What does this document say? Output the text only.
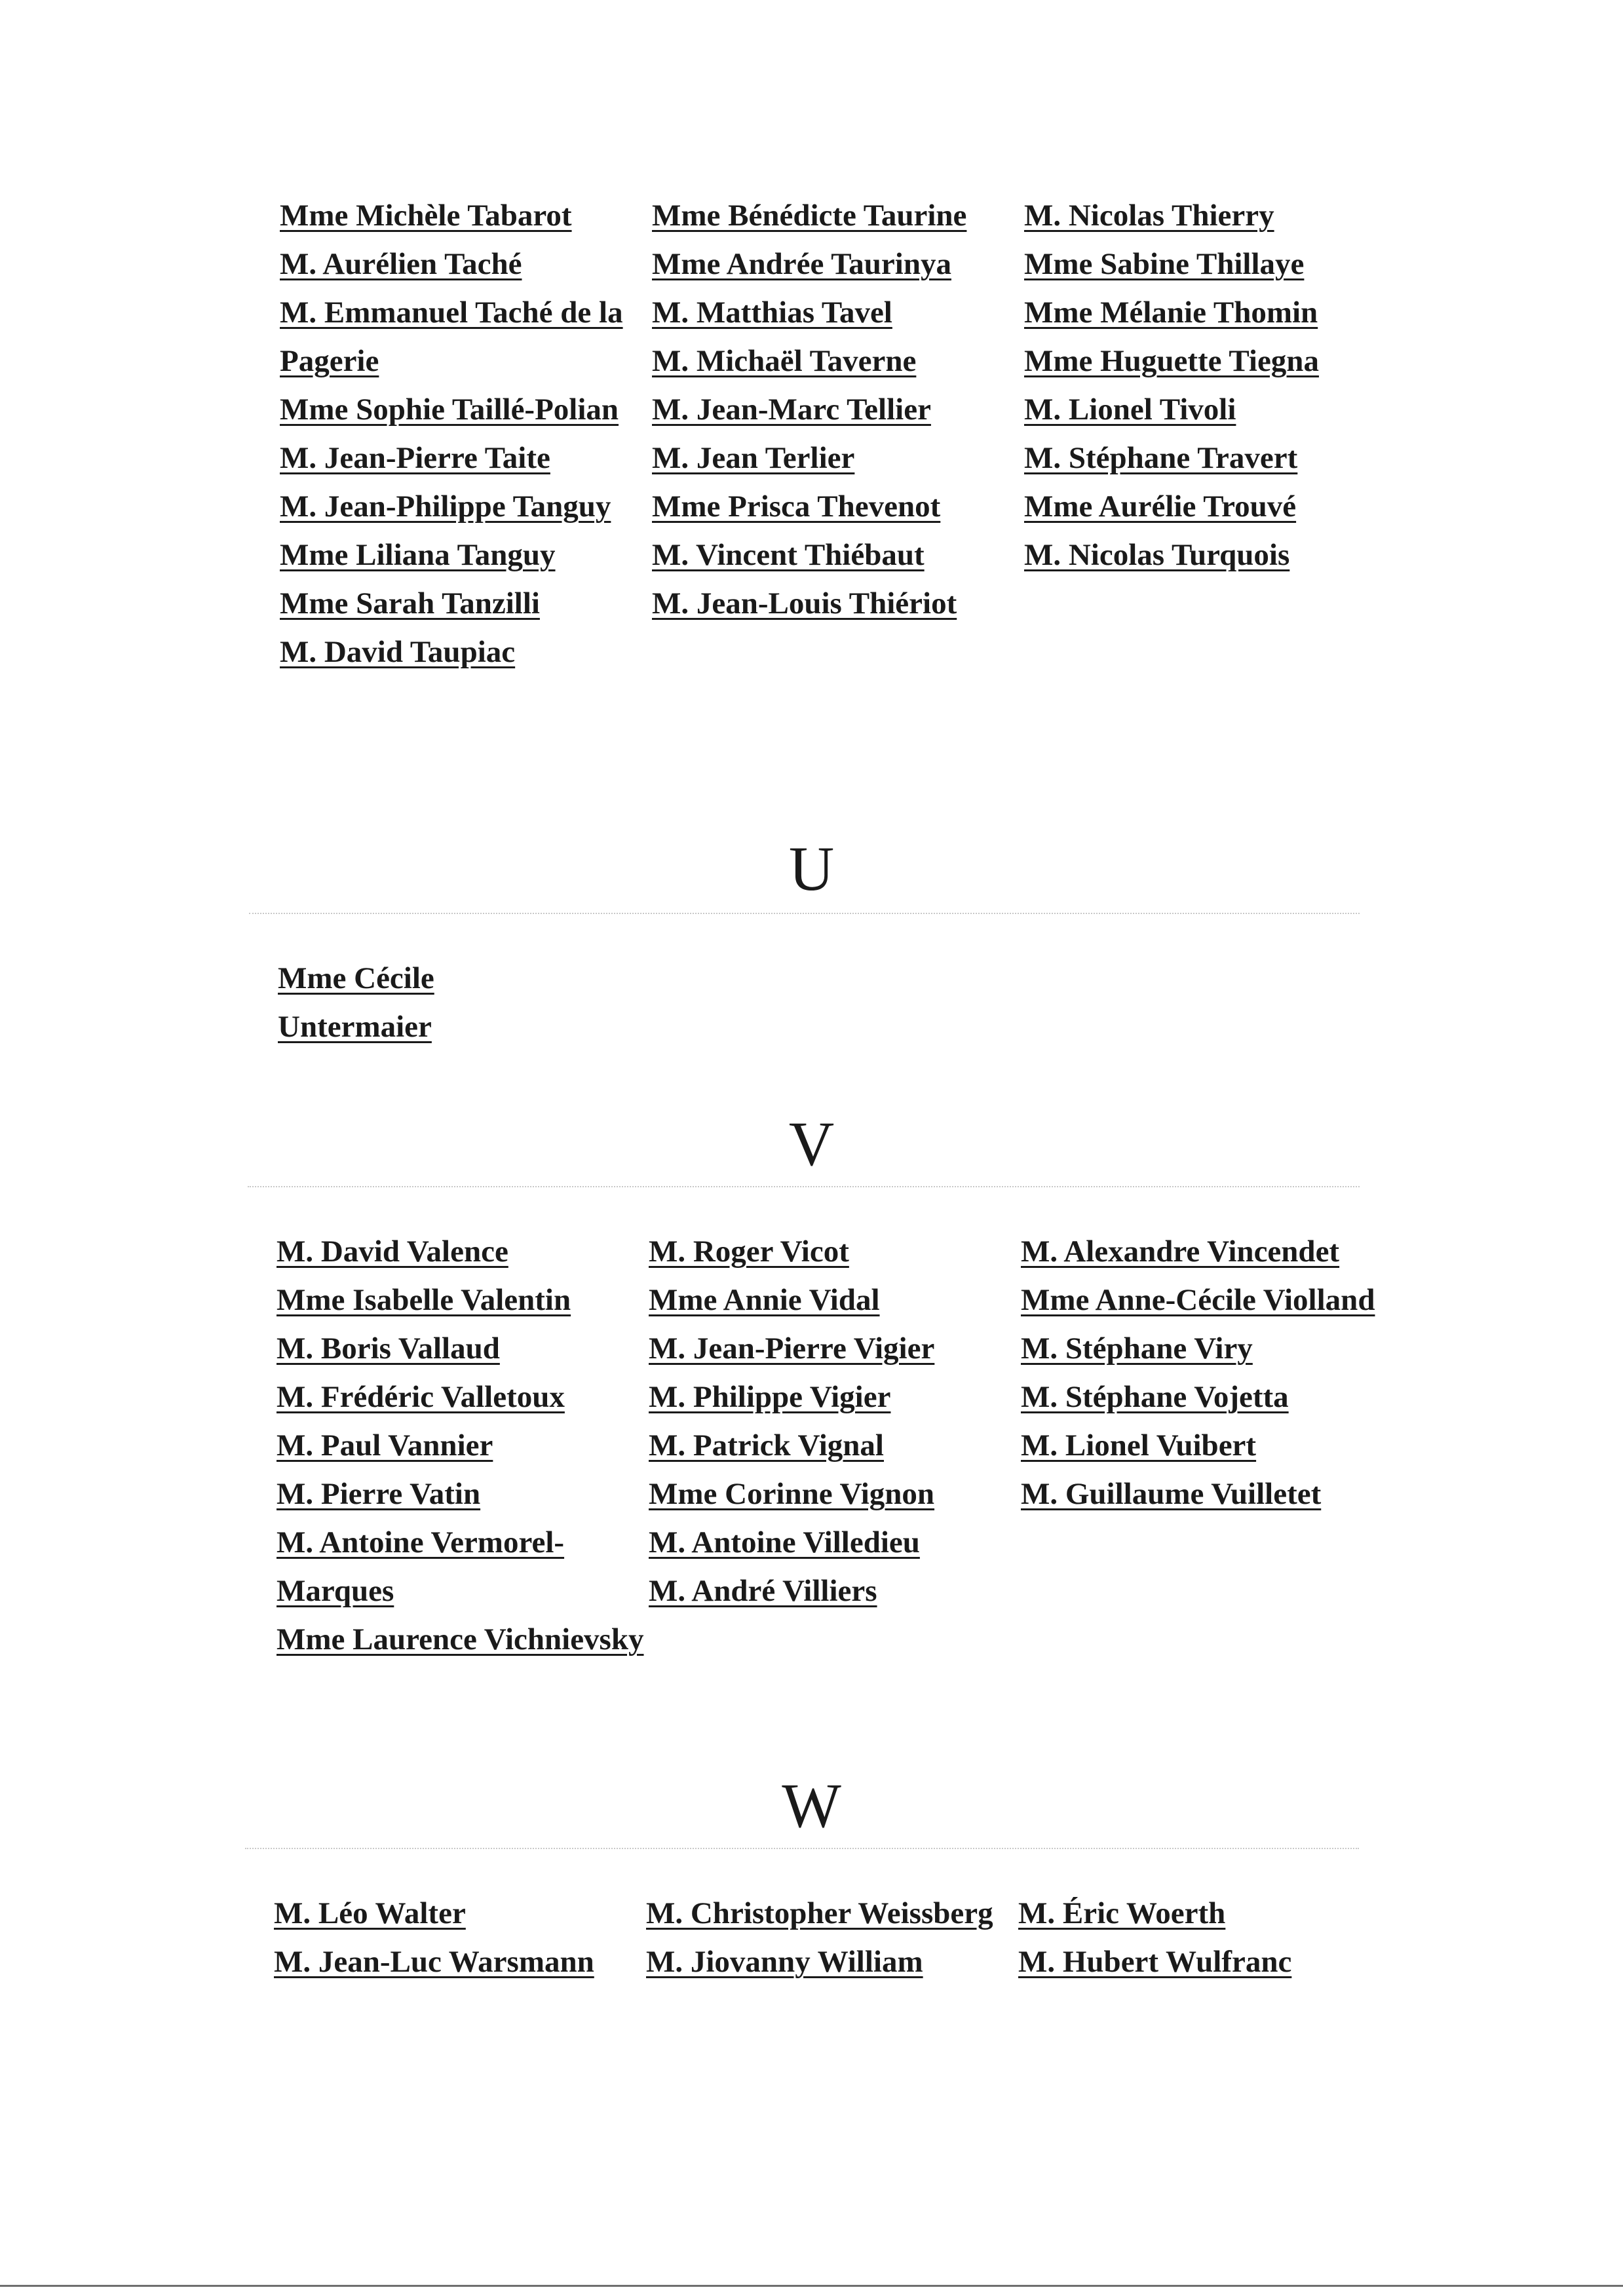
Mme Michèle Tabarot
M. Aurélien Taché
M. Emmanuel Taché de la Pagerie
Mme Sophie Taillé-Polian
M. Jean-Pierre Taite
M. Jean-Philippe Tanguy
Mme Liliana Tanguy
Mme Sarah Tanzilli
M. David Taupiac
Mme Bénédicte Taurine
Mme Andrée Taurinya
M. Matthias Tavel
M. Michaël Taverne
M. Jean-Marc Tellier
M. Jean Terlier
Mme Prisca Thevenot
M. Vincent Thiébaut
M. Jean-Louis Thiériot
M. Nicolas Thierry
Mme Sabine Thillaye
Mme Mélanie Thomin
Mme Huguette Tiegna
M. Lionel Tivoli
M. Stéphane Travert
Mme Aurélie Trouvé
M. Nicolas Turquois
U
Mme Cécile Untermaier
V
M. David Valence
Mme Isabelle Valentin
M. Boris Vallaud
M. Frédéric Valletoux
M. Paul Vannier
M. Pierre Vatin
M. Antoine Vermorel-Marques
Mme Laurence Vichnievsky
M. Roger Vicot
Mme Annie Vidal
M. Jean-Pierre Vigier
M. Philippe Vigier
M. Patrick Vignal
Mme Corinne Vignon
M. Antoine Villedieu
M. André Villiers
M. Alexandre Vincendet
Mme Anne-Cécile Violland
M. Stéphane Viry
M. Stéphane Vojetta
M. Lionel Vuibert
M. Guillaume Vuilletet
W
M. Léo Walter
M. Jean-Luc Warsmann
M. Christopher Weissberg
M. Jiovanny William
M. Éric Woerth
M. Hubert Wulfranc
